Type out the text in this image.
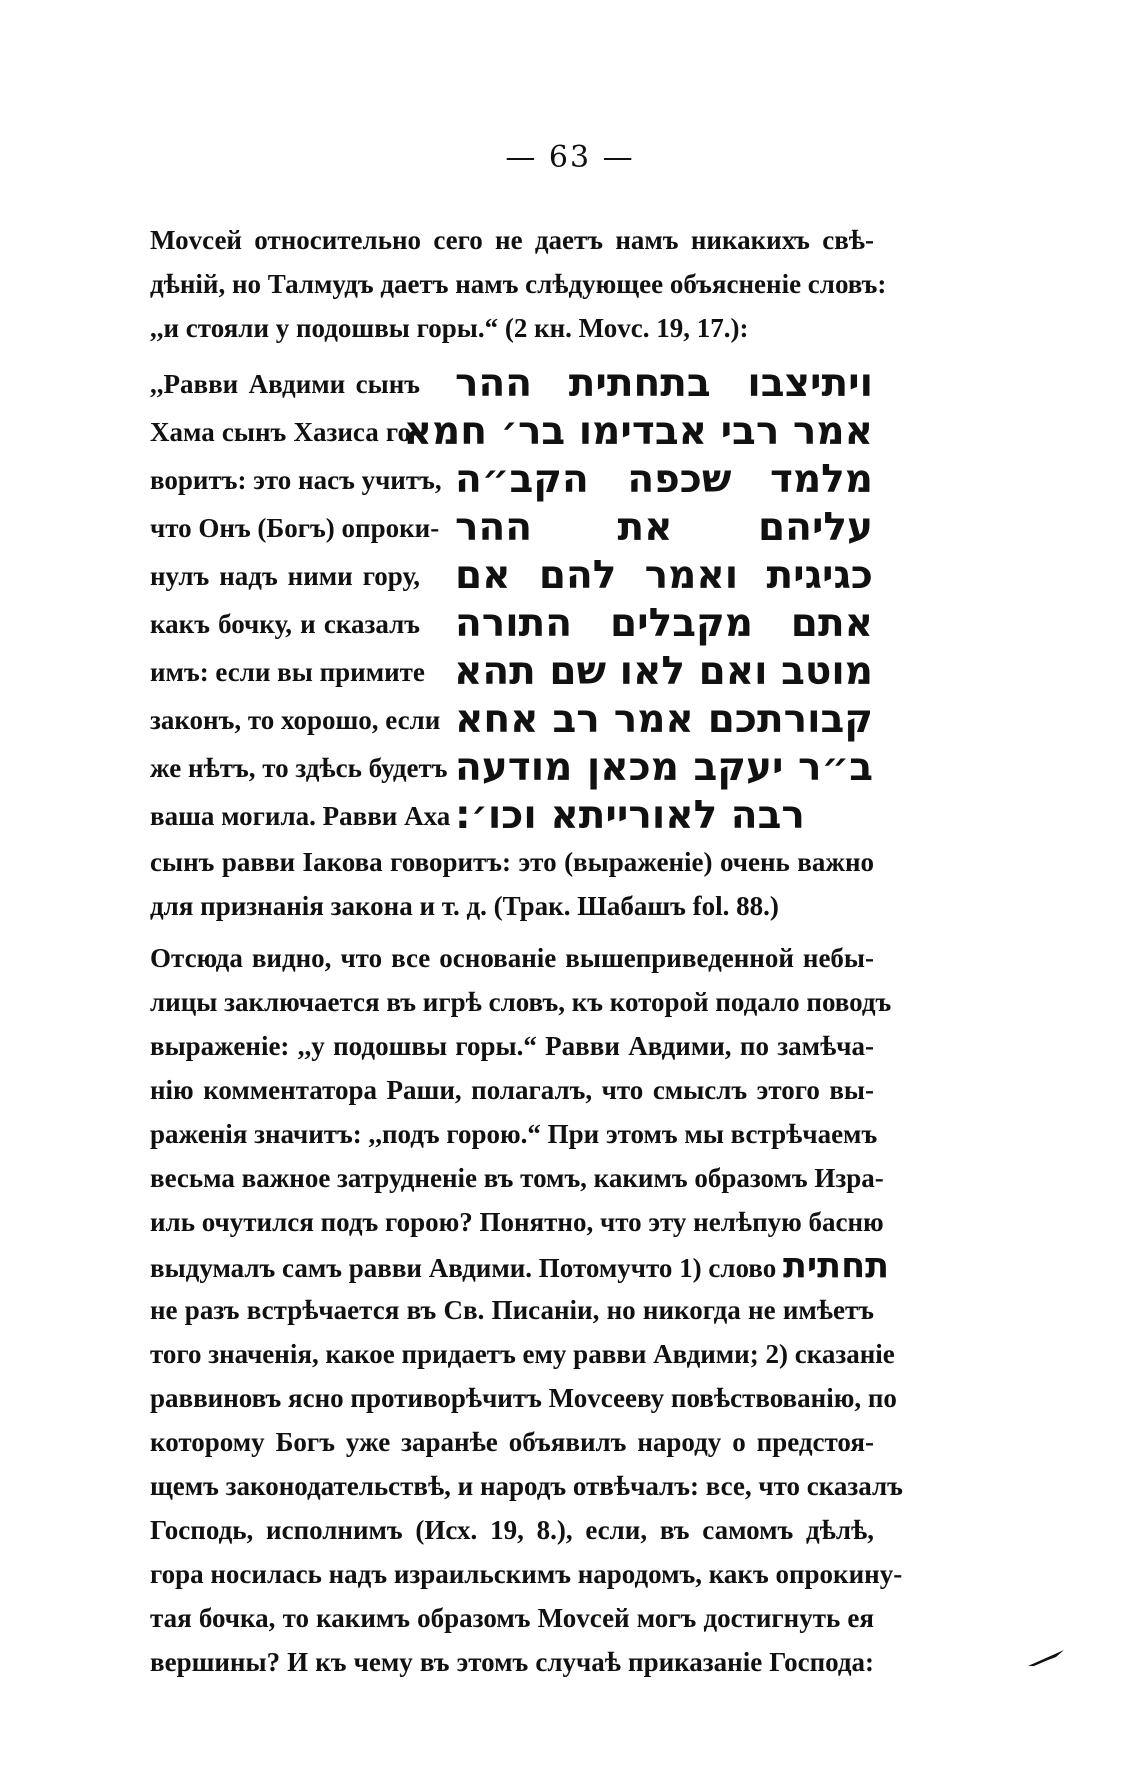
— 63 —
Моvсей относительно сего не даетъ намъ никакихъ свѣ-
дѣній, но Талмудъ даетъ намъ слѣдующее объясненіе словъ:
,,и стояли у подошвы горы.“ (2 кн. Моvс. 19, 17.):
,,Равви Авдими сынъ
Хама сынъ Хазиса го-
воритъ: это насъ учитъ,
что Онъ (Богъ) опроки-
нулъ надъ ними гору,
какъ бочку, и сказалъ
имъ: если вы примите
законъ, то хорошо, если
же нѣтъ, то здѣсь будетъ
ваша могила. Равви Аха
ויתיצבו בתחתית ההר
אמר רבי אבדימו בר׳ חמא
מלמד שכפה הקב״ה
עליהם את ההר
כגיגית ואמר להם אם
אתם מקבלים התורה
מוטב ואם לאו שם תהא
קבורתכם אמר רב אחא
ב״ר יעקב מכאן מודעה
רבה לאורייתא וכו׳:
сынъ равви Іакова говоритъ: это (выраженіе) очень важно
для признанія закона и т. д. (Трак. Шабашъ fol. 88.)
Отсюда видно, что все основаніе вышеприведенной небы-
лицы заключается въ игрѣ словъ, къ которой подало поводъ
выраженіе: ,,у подошвы горы.“ Равви Авдими, по замѣча-
нію комментатора Раши, полагалъ, что смыслъ этого вы-
раженія значитъ: ,,подъ горою.“ При этомъ мы встрѣчаемъ
весьма важное затрудненіе въ томъ, какимъ образомъ Изра-
иль очутился подъ горою? Понятно, что эту нелѣпую басню
выдумалъ самъ равви Авдими. Потомучто 1) слово תחתית
не разъ встрѣчается въ Св. Писаніи, но никогда не имѣетъ
того значенія, какое придаетъ ему равви Авдими; 2) сказаніе
раввиновъ ясно противорѣчитъ Моvсееву повѣствованію, по
которому Богъ уже заранѣе объявилъ народу о предстоя-
щемъ законодательствѣ, и народъ отвѣчалъ: все, что сказалъ
Господь, исполнимъ (Исх. 19, 8.), если, въ самомъ дѣлѣ,
гора носилась надъ израильскимъ народомъ, какъ опрокину-
тая бочка, то какимъ образомъ Моvсей могъ достигнуть ея
вершины? И къ чему въ этомъ случаѣ приказаніе Господа:
